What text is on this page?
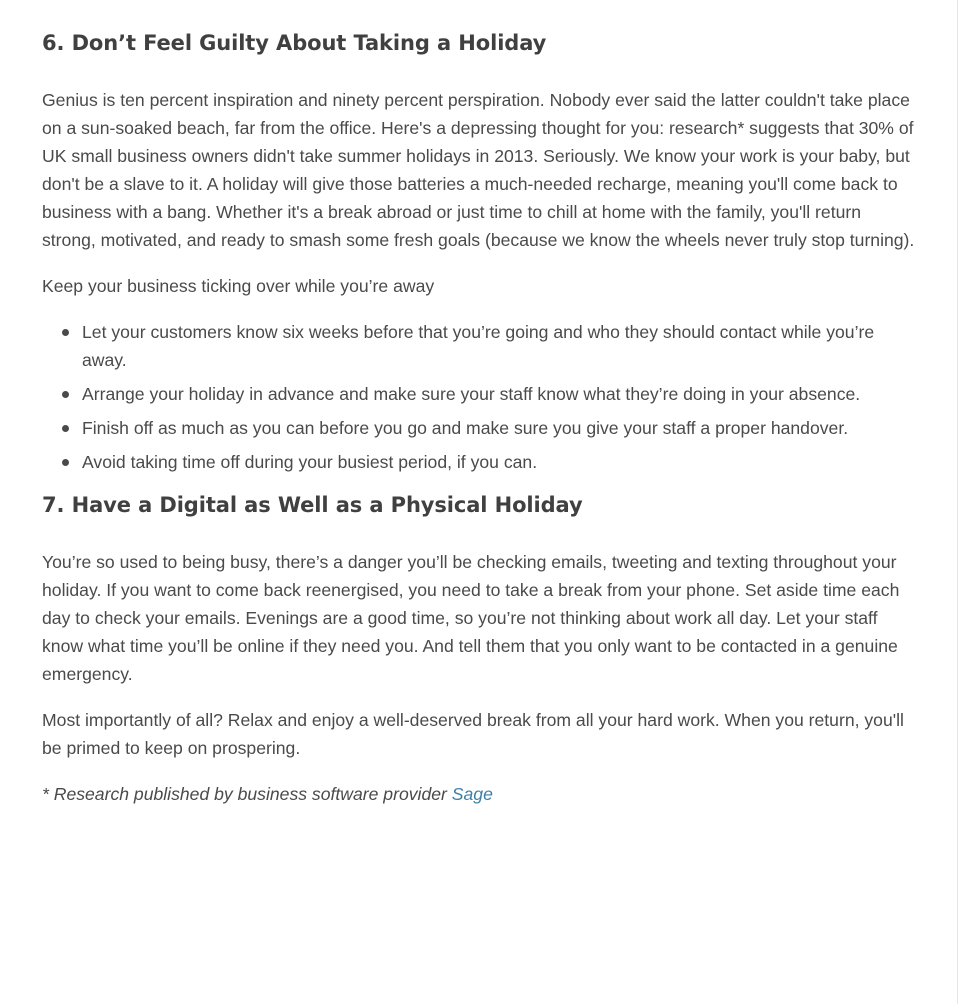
6. Don’t Feel Guilty About Taking a Holiday

Genius is ten percent inspiration and ninety percent perspiration. Nobody ever said the latter couldn't take place on a sun-soaked beach, far from the office. Here's a depressing thought for you: research* suggests that 30% of UK small business owners didn't take summer holidays in 2013. Seriously. We know your work is your baby, but don't be a slave to it. A holiday will give those batteries a much-needed recharge, meaning you'll come back to business with a bang. Whether it's a break abroad or just time to chill at home with the family, you'll return strong, motivated, and ready to smash some fresh goals (because we know the wheels never truly stop turning).

Keep your business ticking over while you’re away

Let your customers know six weeks before that you’re going and who they should contact while you’re away.
Arrange your holiday in advance and make sure your staff know what they’re doing in your absence.
Finish off as much as you can before you go and make sure you give your staff a proper handover.
Avoid taking time off during your busiest period, if you can.
7. Have a Digital as Well as a Physical Holiday

You’re so used to being busy, there’s a danger you’ll be checking emails, tweeting and texting throughout your holiday. If you want to come back reenergised, you need to take a break from your phone. Set aside time each day to check your emails. Evenings are a good time, so you’re not thinking about work all day. Let your staff know what time you’ll be online if they need you. And tell them that you only want to be contacted in a genuine emergency.

Most importantly of all? Relax and enjoy a well-deserved break from all your hard work. When you return, you'll be primed to keep on prospering.

* Research published by business software provider Sage
